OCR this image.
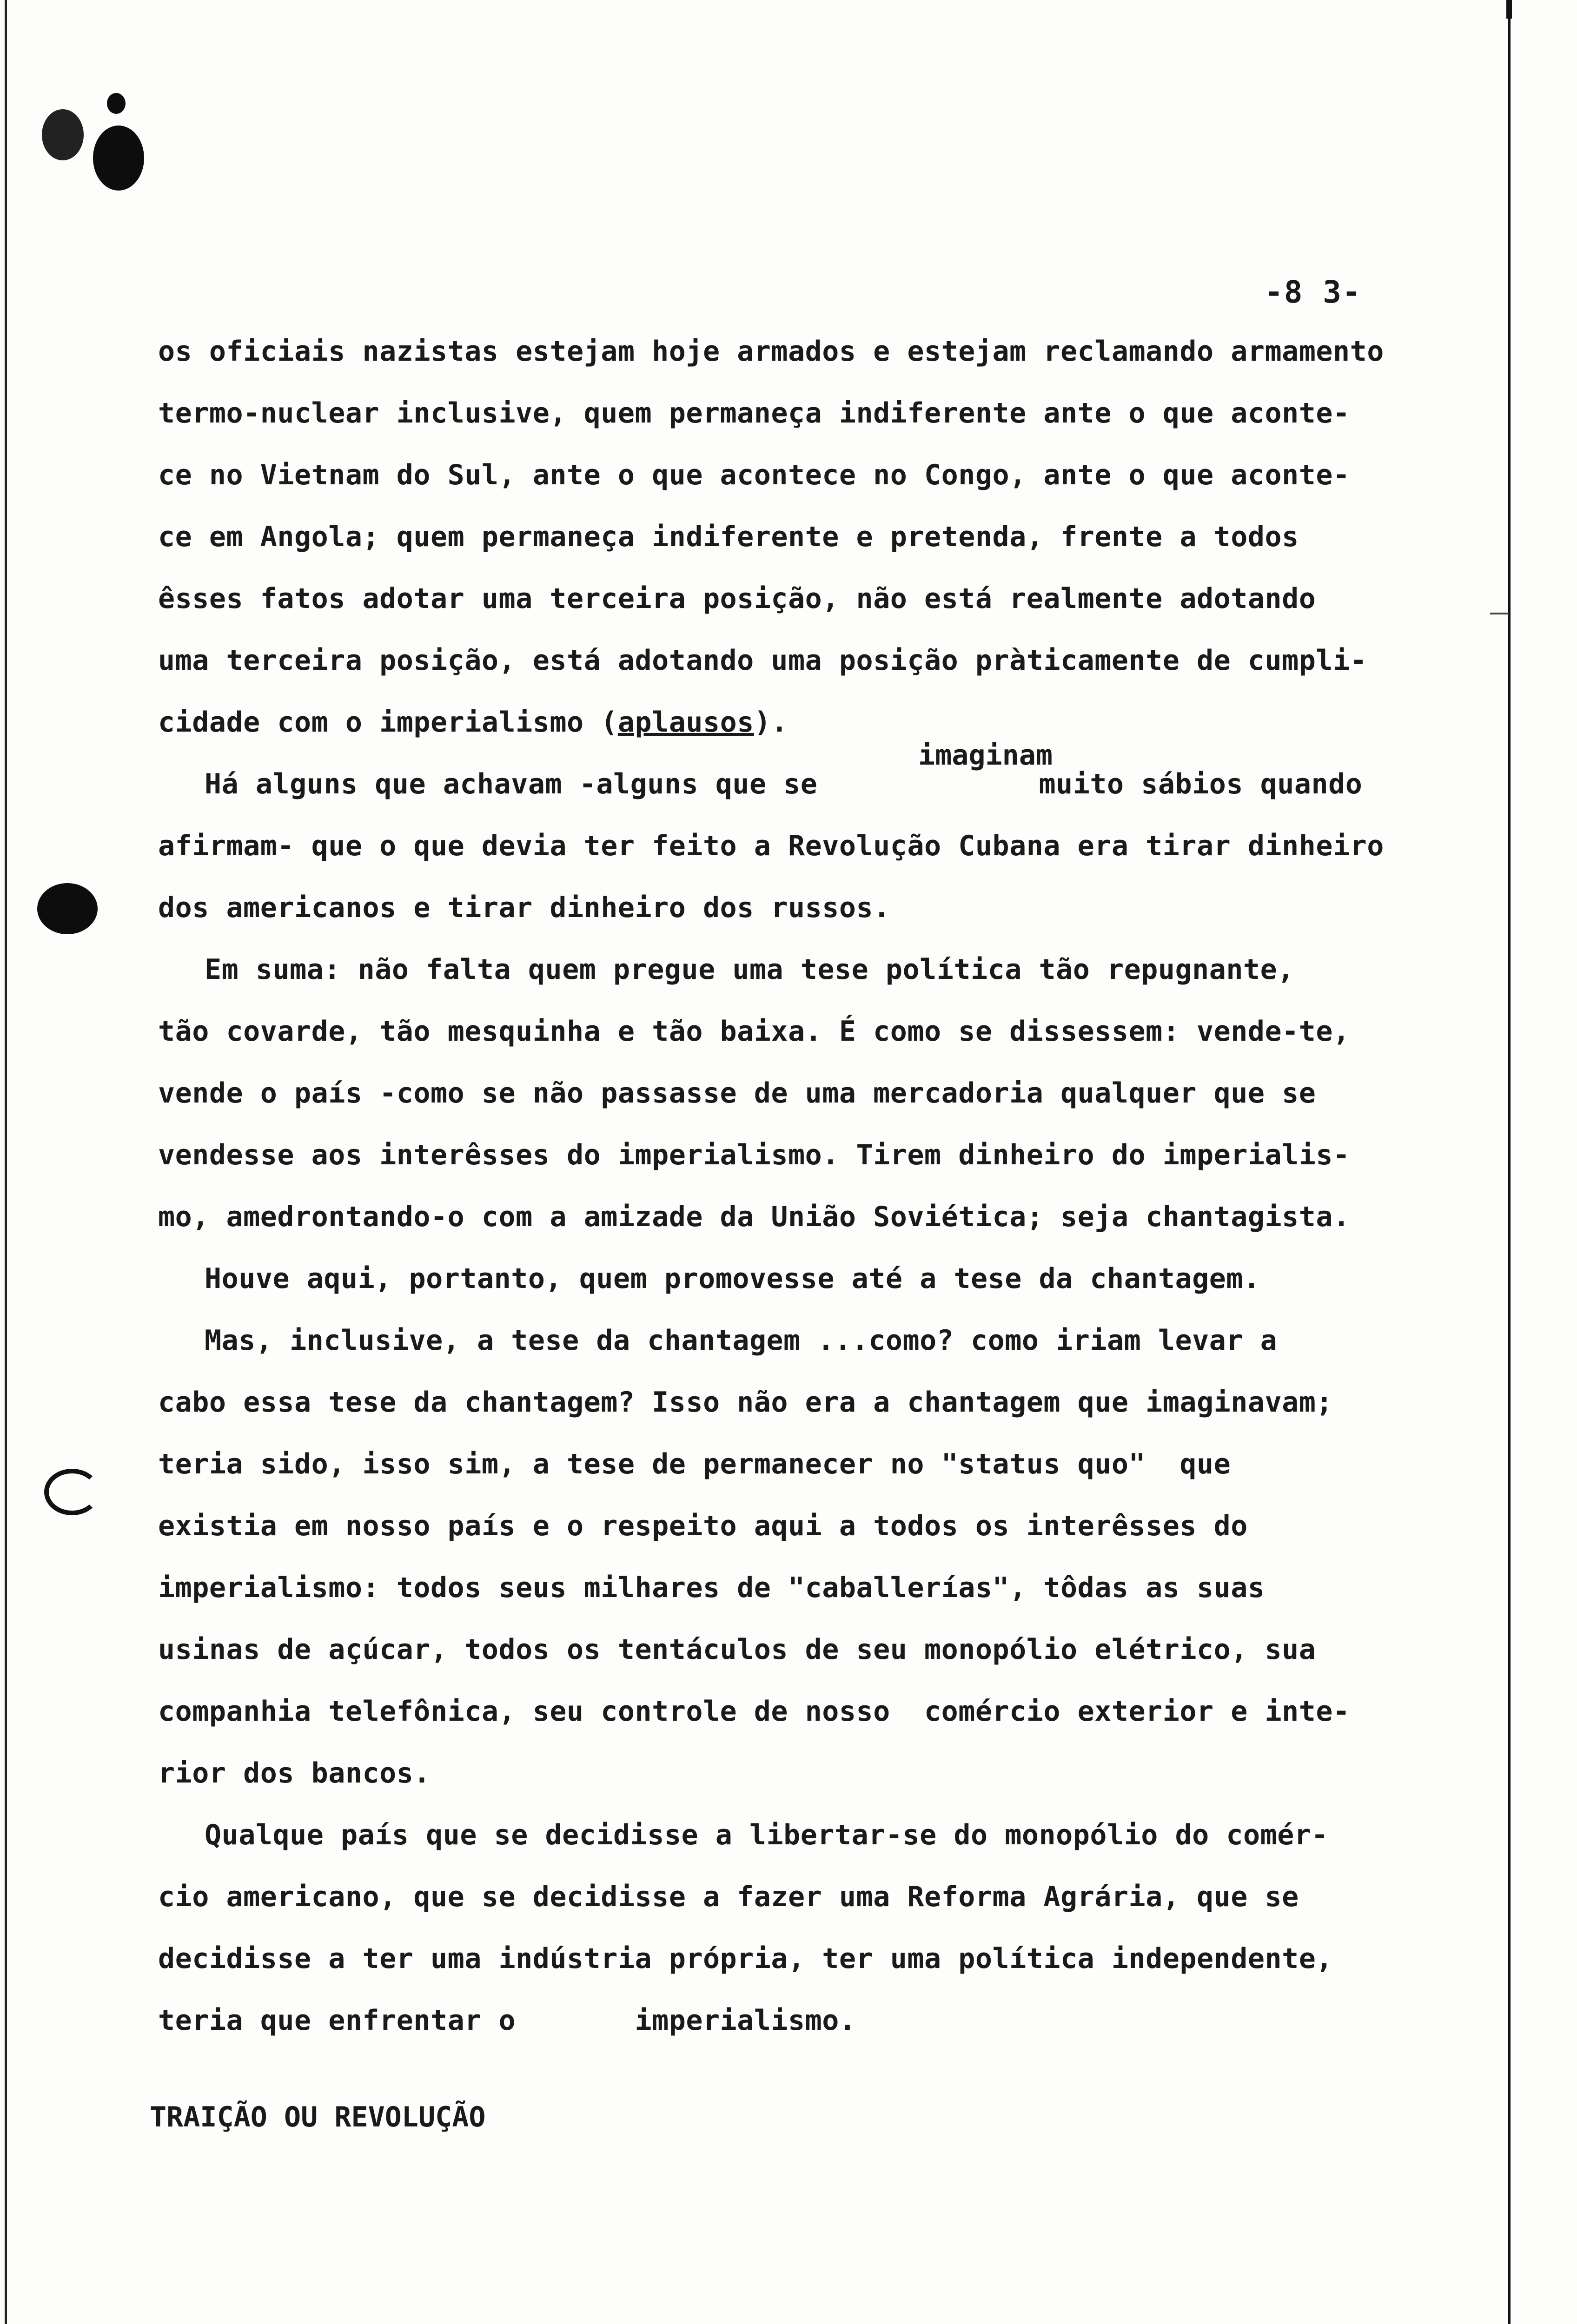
-8 3-
imaginam
os oficiais nazistas estejam hoje armados e estejam reclamando armamento
termo-nuclear inclusive, quem permaneça indiferente ante o que aconte-
ce no Vietnam do Sul, ante o que acontece no Congo, ante o que aconte-
ce em Angola; quem permaneça indiferente e pretenda, frente a todos
êsses fatos adotar uma terceira posição, não está realmente adotando
uma terceira posição, está adotando uma posição pràticamente de cumpli-
cidade com o imperialismo (aplausos).
Há alguns que achavam -alguns que se             muito sábios quando
afirmam- que o que devia ter feito a Revolução Cubana era tirar dinheiro
dos americanos e tirar dinheiro dos russos.
Em suma: não falta quem pregue uma tese política tão repugnante,
tão covarde, tão mesquinha e tão baixa. É como se dissessem: vende-te,
vende o país -como se não passasse de uma mercadoria qualquer que se
vendesse aos interêsses do imperialismo. Tirem dinheiro do imperialis-
mo, amedrontando-o com a amizade da União Soviética; seja chantagista.
Houve aqui, portanto, quem promovesse até a tese da chantagem.
Mas, inclusive, a tese da chantagem ...como? como iriam levar a
cabo essa tese da chantagem? Isso não era a chantagem que imaginavam;
teria sido, isso sim, a tese de permanecer no "status quo"  que
existia em nosso país e o respeito aqui a todos os interêsses do
imperialismo: todos seus milhares de "caballerías", tôdas as suas
usinas de açúcar, todos os tentáculos de seu monopólio elétrico, sua
companhia telefônica, seu controle de nosso  comércio exterior e inte-
rior dos bancos.
Qualque país que se decidisse a libertar-se do monopólio do comér-
cio americano, que se decidisse a fazer uma Reforma Agrária, que se
decidisse a ter uma indústria própria, ter uma política independente,
teria que enfrentar o       imperialismo.
TRAIÇÃO OU REVOLUÇÃO
